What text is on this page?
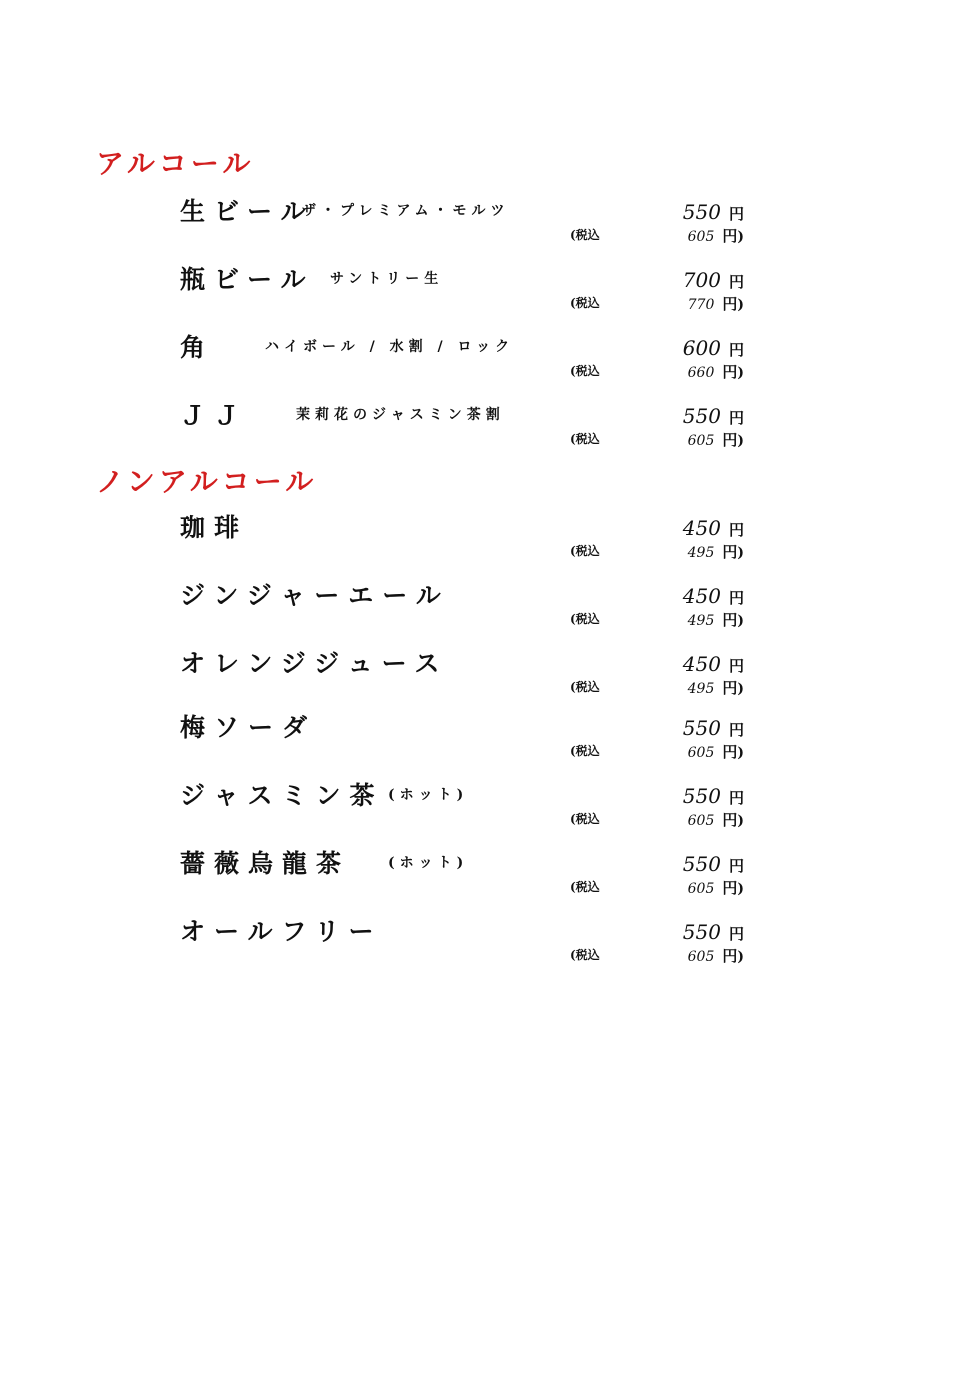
アルコール
生ビール
ザ・プレミアム・モルツ	550 円
(税込	605 円)
瓶ビール サントリー生	700 円
(税込	770 円)
角	ハイボール / 水割 / ロック	600 円
(税込	660 円)
ＪＪ	茉莉花のジャスミン茶割	550 円
(税込	605 円)
ノンアルコール
珈琲	450 円
(税込	495 円)
ジンジャーエール	450 円
(税込	495 円)
オレンジジュース	450 円
(税込	495 円)
梅ソーダ	550 円
(税込	605 円)
ジャスミン茶 (ホット)	550 円
(税込	605 円)
薔薇烏龍茶	(ホット)	550 円
(税込	605 円)
オールフリー	550 円
(税込	605 円)
